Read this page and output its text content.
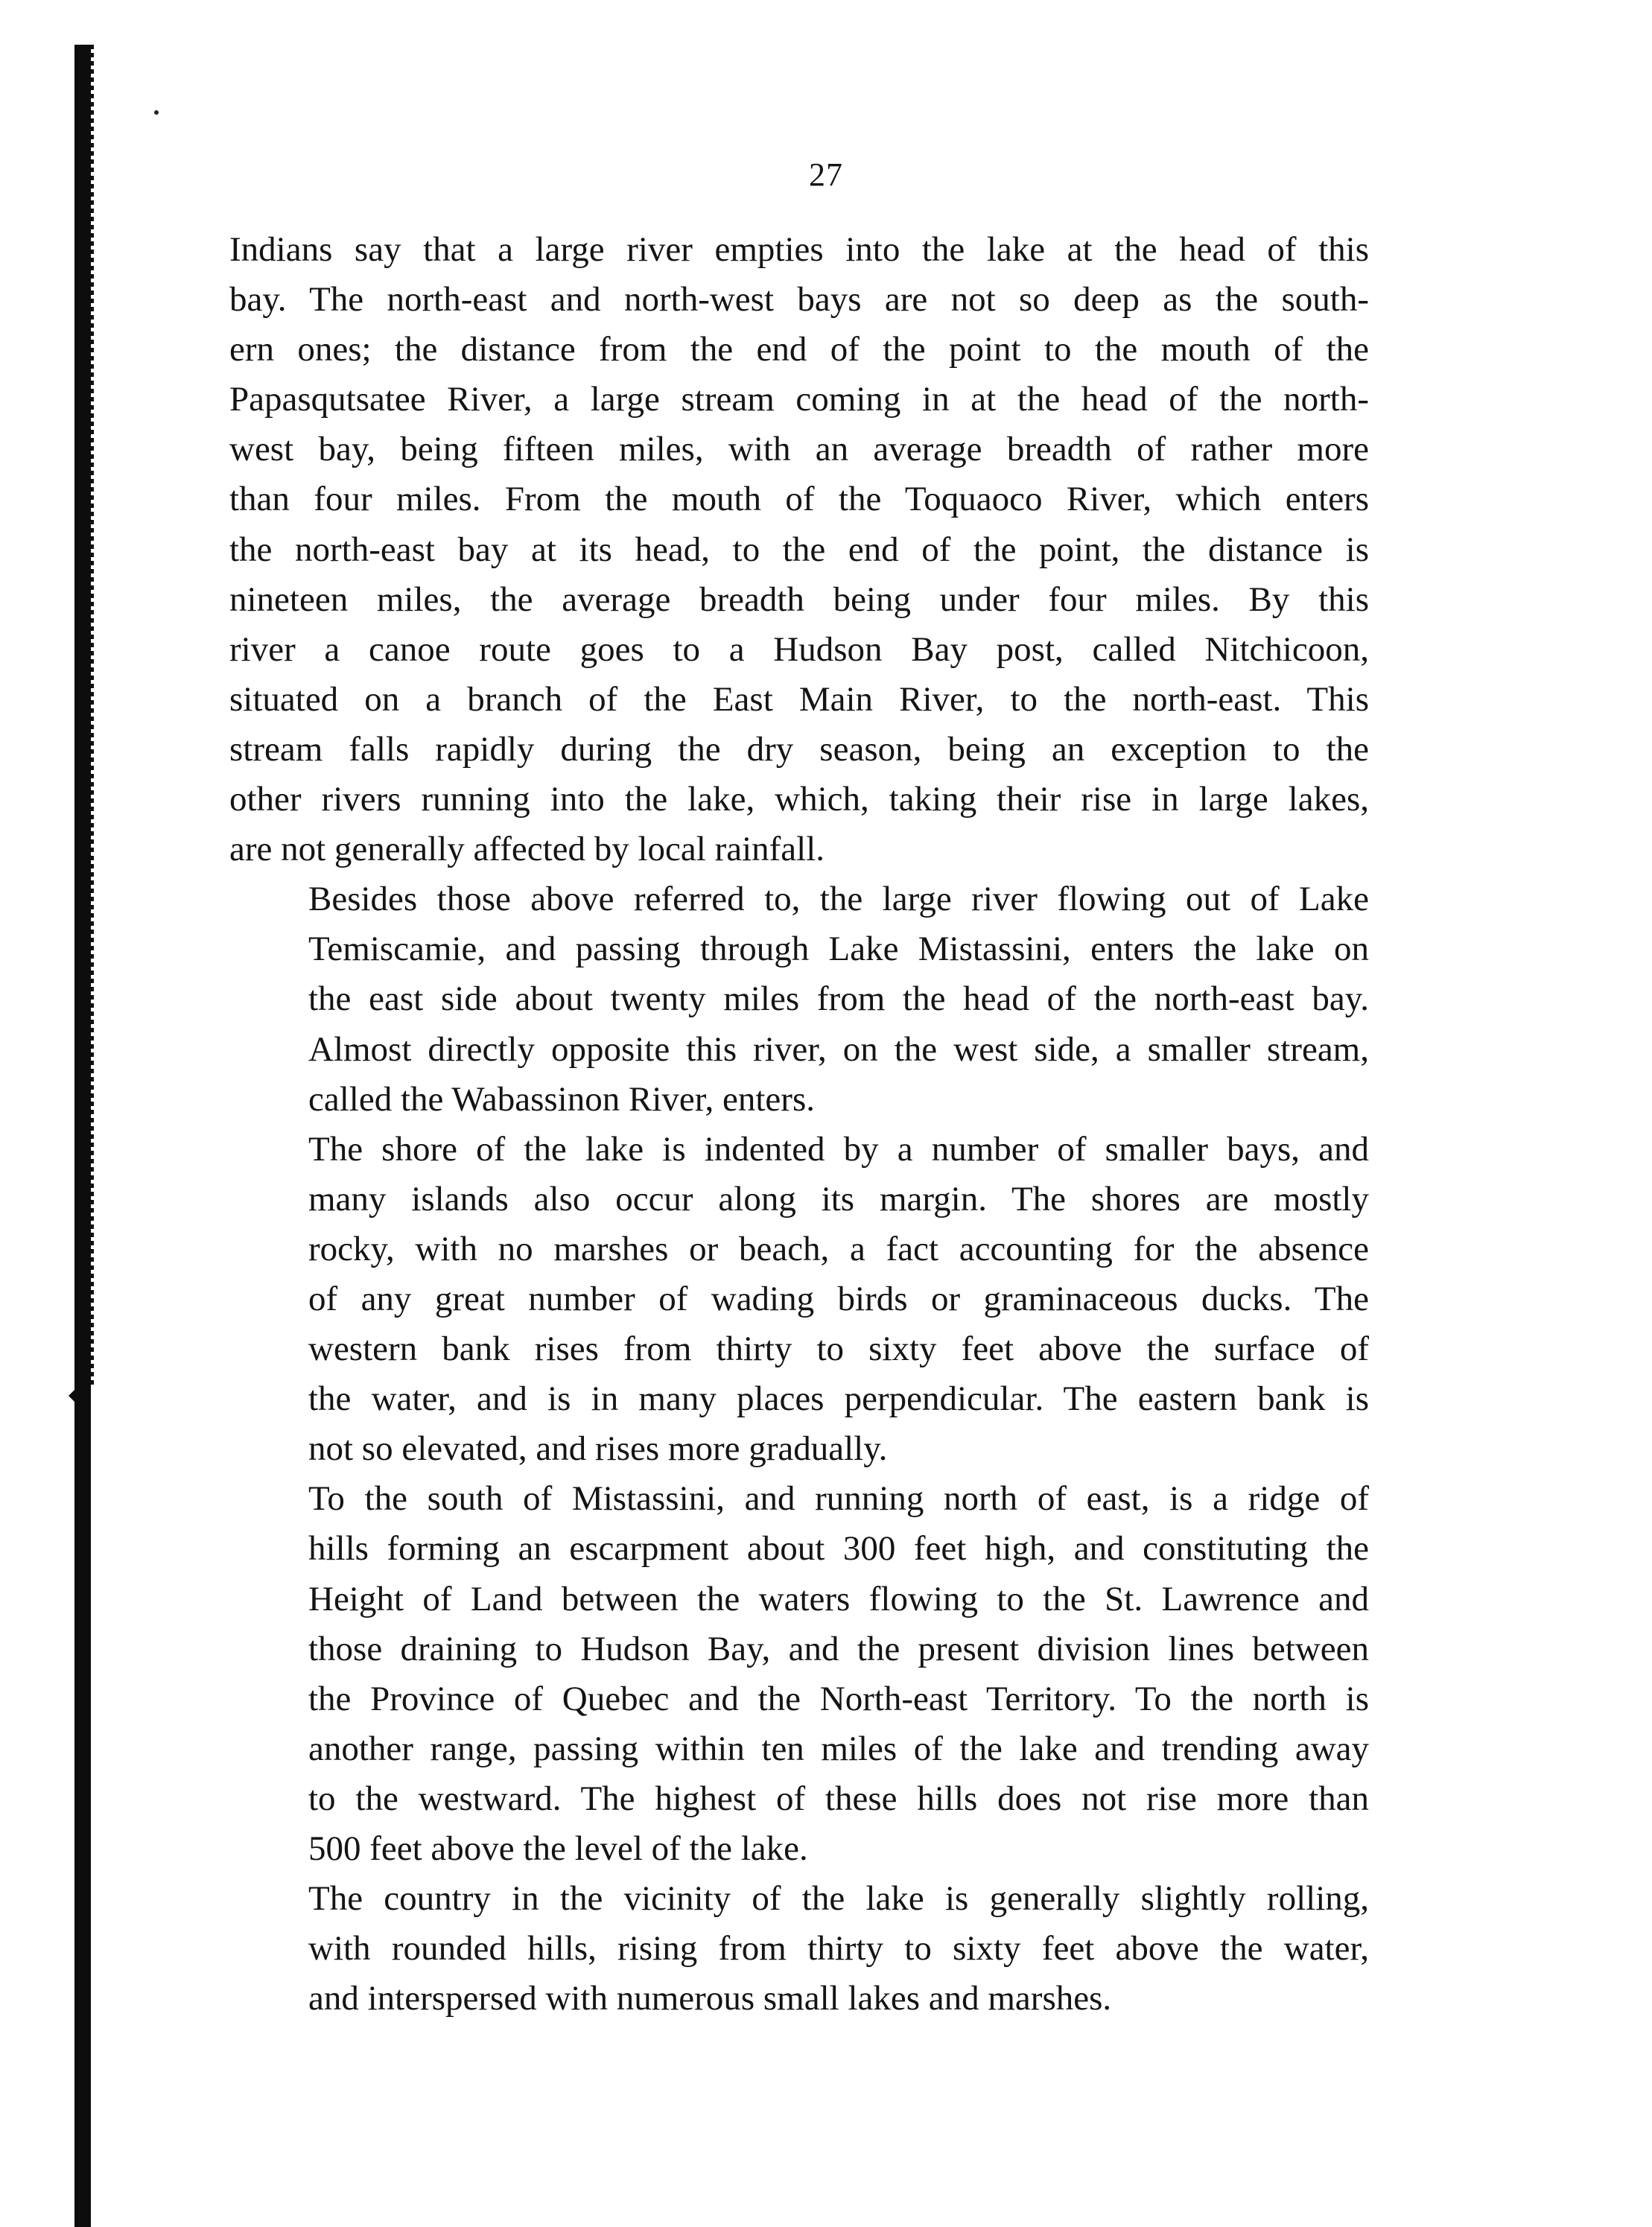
27
Indians say that a large river empties into the lake at the head of this
bay. The north-east and north-west bays are not so deep as the south-
ern ones; the distance from the end of the point to the mouth of the
Papasqutsatee River, a large stream coming in at the head of the north-
west bay, being fifteen miles, with an average breadth of rather more
than four miles. From the mouth of the Toquaoco River, which enters
the north-east bay at its head, to the end of the point, the distance is
nineteen miles, the average breadth being under four miles. By this
river a canoe route goes to a Hudson Bay post, called Nitchicoon,
situated on a branch of the East Main River, to the north-east. This
stream falls rapidly during the dry season, being an exception to the
other rivers running into the lake, which, taking their rise in large lakes,
are not generally affected by local rainfall.
Besides those above referred to, the large river flowing out of Lake
Temiscamie, and passing through Lake Mistassini, enters the lake on
the east side about twenty miles from the head of the north-east bay.
Almost directly opposite this river, on the west side, a smaller stream,
called the Wabassinon River, enters.
The shore of the lake is indented by a number of smaller bays, and
many islands also occur along its margin. The shores are mostly
rocky, with no marshes or beach, a fact accounting for the absence
of any great number of wading birds or graminaceous ducks. The
western bank rises from thirty to sixty feet above the surface of
the water, and is in many places perpendicular. The eastern bank is
not so elevated, and rises more gradually.
To the south of Mistassini, and running north of east, is a ridge of
hills forming an escarpment about 300 feet high, and constituting the
Height of Land between the waters flowing to the St. Lawrence and
those draining to Hudson Bay, and the present division lines between
the Province of Quebec and the North-east Territory. To the north is
another range, passing within ten miles of the lake and trending away
to the westward. The highest of these hills does not rise more than
500 feet above the level of the lake.
The country in the vicinity of the lake is generally slightly rolling,
with rounded hills, rising from thirty to sixty feet above the water,
and interspersed with numerous small lakes and marshes.
